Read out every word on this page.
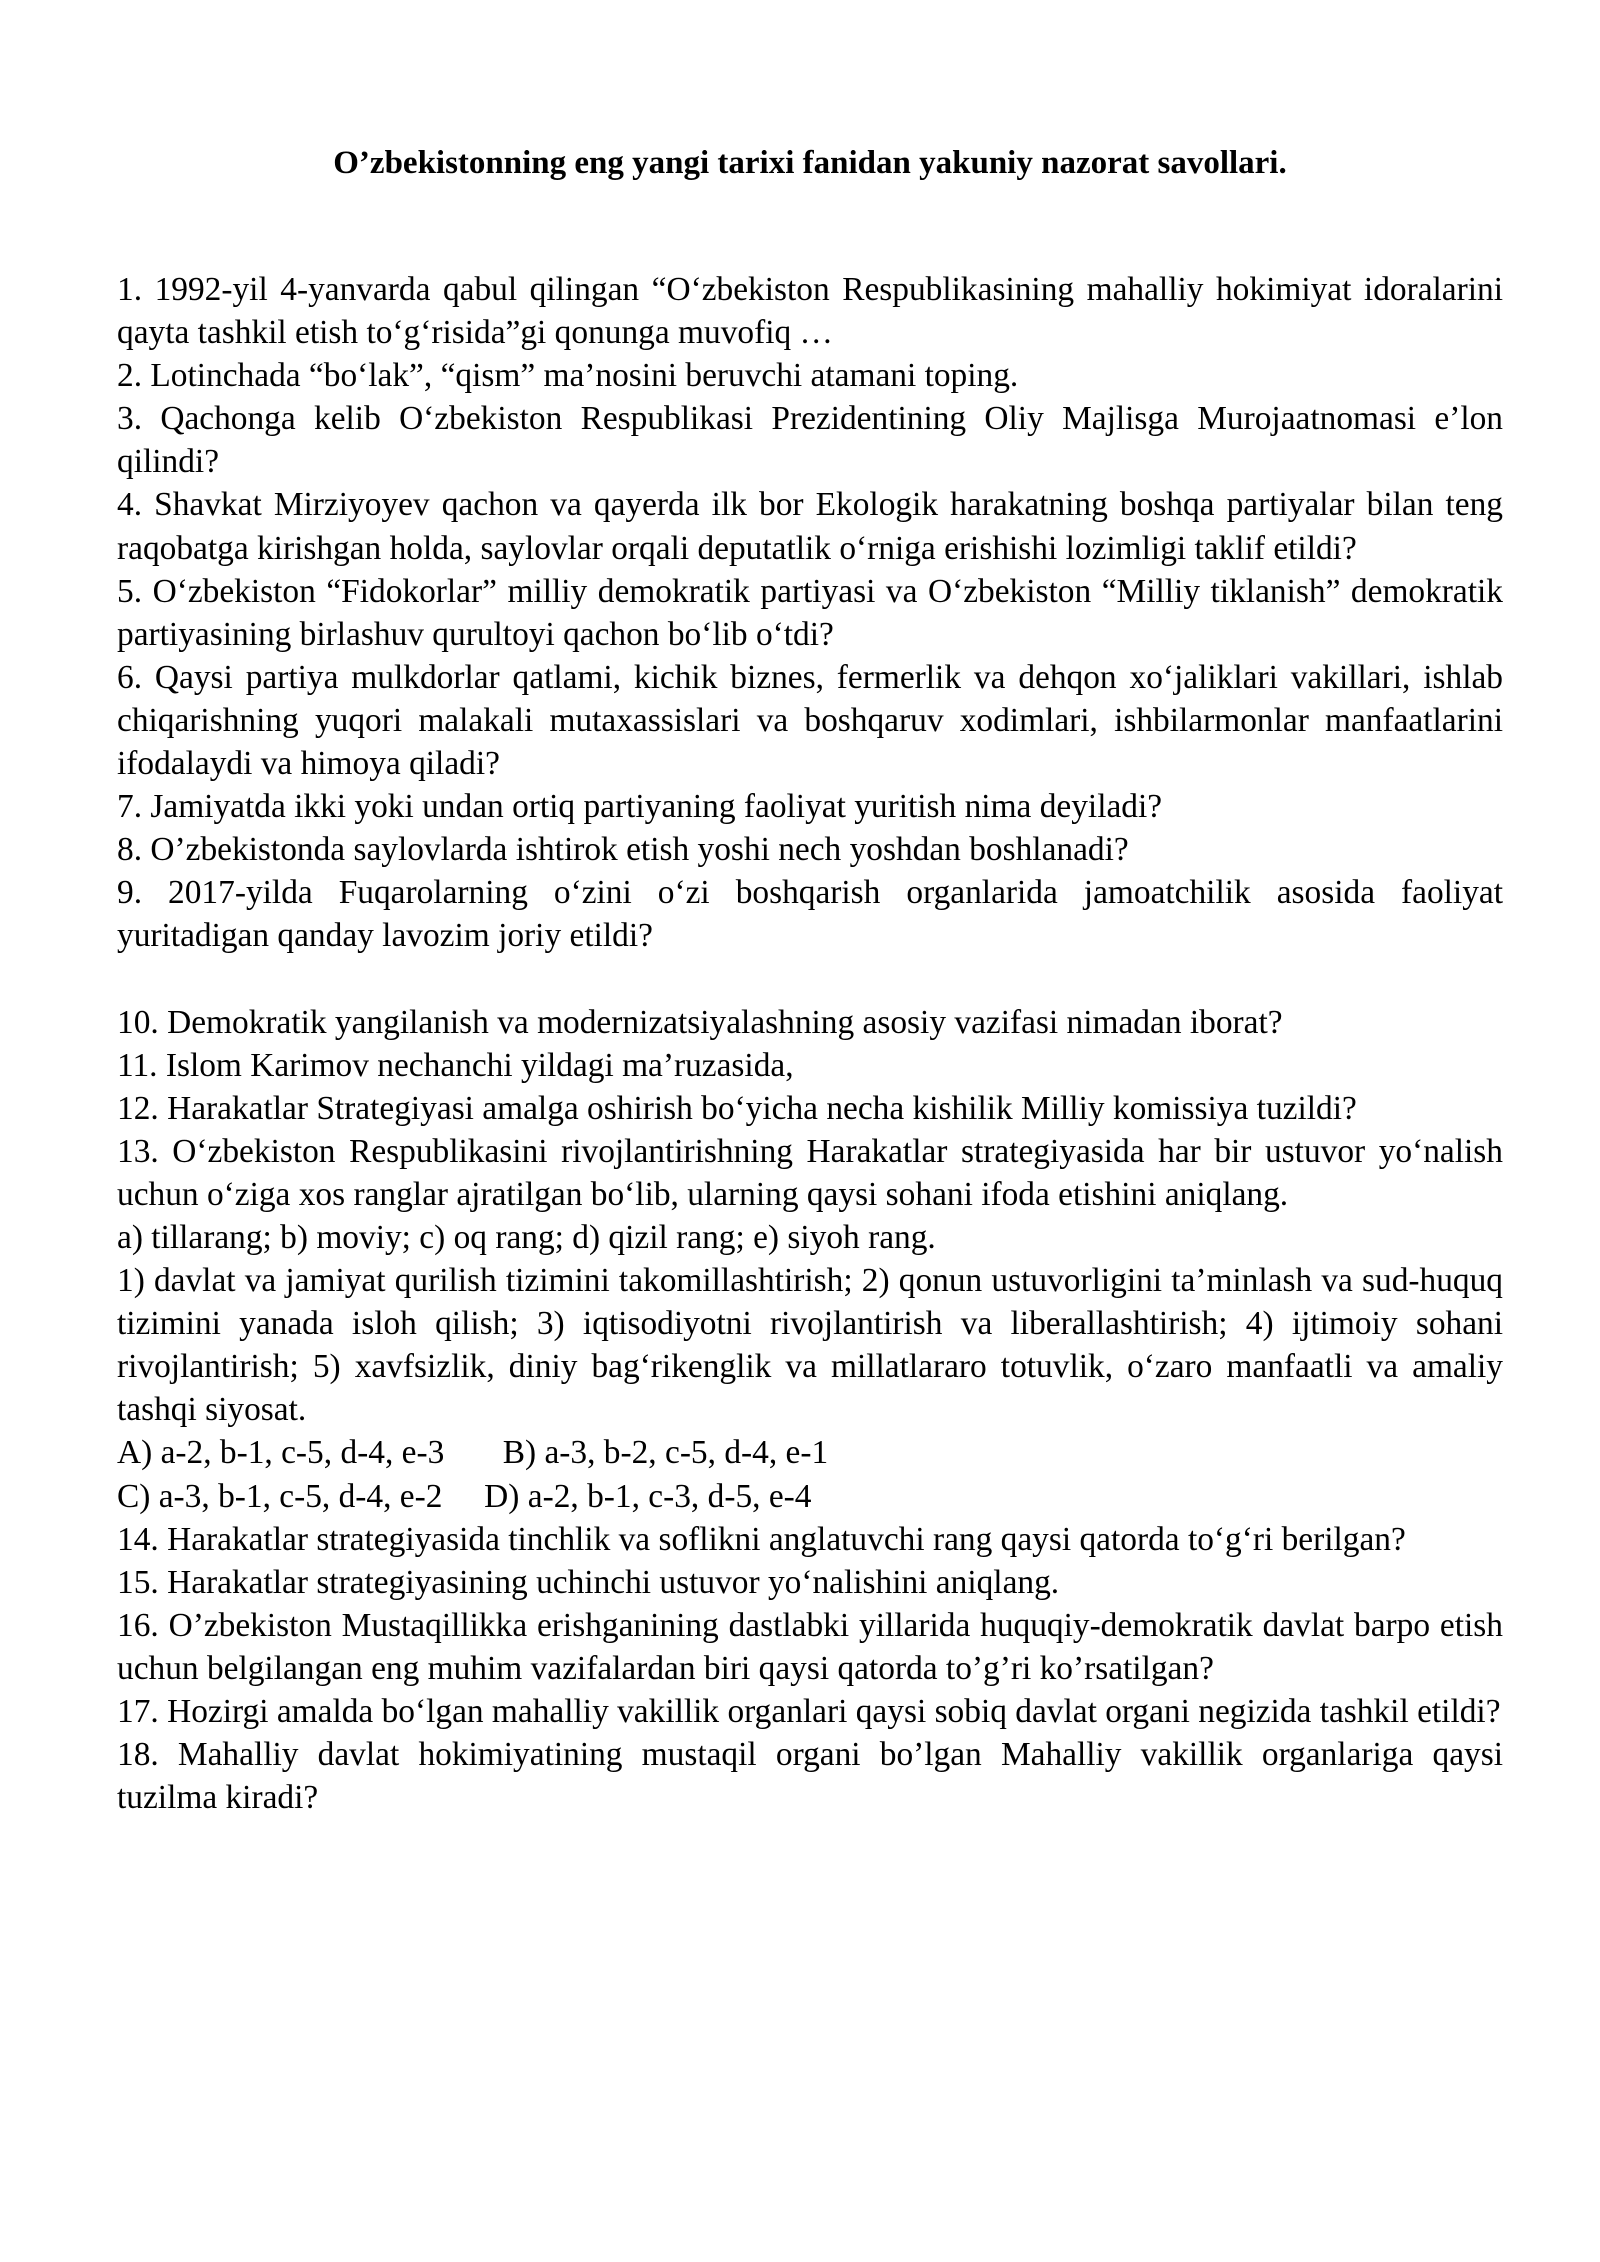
O’zbekistonning eng yangi tarixi fanidan yakuniy nazorat savollari.

1. 1992-yil 4-yanvarda qabul qilingan “O‘zbekiston Respublikasining mahalliy hokimiyat idoralarini qayta tashkil etish to‘g‘risida”gi qonunga muvofiq …

2. Lotinchada “bo‘lak”, “qism” ma’nosini beruvchi atamani toping.

3. Qachonga kelib O‘zbekiston Respublikasi Prezidentining Oliy Majlisga Murojaatnomasi e’lon qilindi?

4. Shavkat Mirziyoyev qachon va qayerda ilk bor Ekologik harakatning boshqa partiyalar bilan teng raqobatga kirishgan holda, saylovlar orqali deputatlik o‘rniga erishishi lozimligi taklif etildi?

5. O‘zbekiston “Fidokorlar” milliy demokratik partiyasi va O‘zbekiston “Milliy tiklanish” demokratik partiyasining birlashuv qurultoyi qachon bo‘lib o‘tdi?

6. Qaysi partiya mulkdorlar qatlami, kichik biznes, fermerlik va dehqon xo‘jaliklari vakillari, ishlab chiqarishning yuqori malakali mutaxassislari va boshqaruv xodimlari, ishbilarmonlar manfaatlarini ifodalaydi va himoya qiladi?

7. Jamiyatda ikki yoki undan ortiq partiyaning faoliyat yuritish nima deyiladi?

8. O’zbekistonda saylovlarda ishtirok etish yoshi nech yoshdan boshlanadi?

9. 2017-yilda Fuqarolarning o‘zini o‘zi boshqarish organlarida jamoatchilik asosida faoliyat yuritadigan qanday lavozim joriy etildi?

10. Demokratik yangilanish va modernizatsiyalashning asosiy vazifasi nimadan iborat?

11. Islom Karimov nechanchi yildagi ma’ruzasida,

12. Harakatlar Strategiyasi amalga oshirish bo‘yicha necha kishilik Milliy komissiya tuzildi?

13. O‘zbekiston Respublikasini rivojlantirishning Harakatlar strategiyasida har bir ustuvor yo‘nalish uchun o‘ziga xos ranglar ajratilgan bo‘lib, ularning qaysi sohani ifoda etishini aniqlang.

a) tillarang; b) moviy; c) oq rang; d) qizil rang; e) siyoh rang.

1) davlat va jamiyat qurilish tizimini takomillashtirish; 2) qonun ustuvorligini ta’minlash va sud-huquq tizimini yanada isloh qilish; 3) iqtisodiyotni rivojlantirish va liberallashtirish; 4) ijtimoiy sohani rivojlantirish; 5) xavfsizlik, diniy bag‘rikenglik va millatlararo totuvlik, o‘zaro manfaatli va amaliy tashqi siyosat.

A) a-2, b-1, c-5, d-4, e-3       B) a-3, b-2, c-5, d-4, e-1

C) a-3, b-1, c-5, d-4, e-2     D) a-2, b-1, c-3, d-5, e-4

14. Harakatlar strategiyasida tinchlik va soflikni anglatuvchi rang qaysi qatorda to‘g‘ri berilgan?

15. Harakatlar strategiyasining uchinchi ustuvor yo‘nalishini aniqlang.

16. O’zbekiston Mustaqillikka erishganining dastlabki yillarida huquqiy-demokratik davlat barpo etish uchun belgilangan eng muhim vazifalardan biri qaysi qatorda to’g’ri ko’rsatilgan?

17. Hozirgi amalda bo‘lgan mahalliy vakillik organlari qaysi sobiq davlat organi negizida tashkil etildi?

18. Mahalliy davlat hokimiyatining mustaqil organi bo’lgan Mahalliy vakillik organlariga qaysi tuzilma kiradi?
